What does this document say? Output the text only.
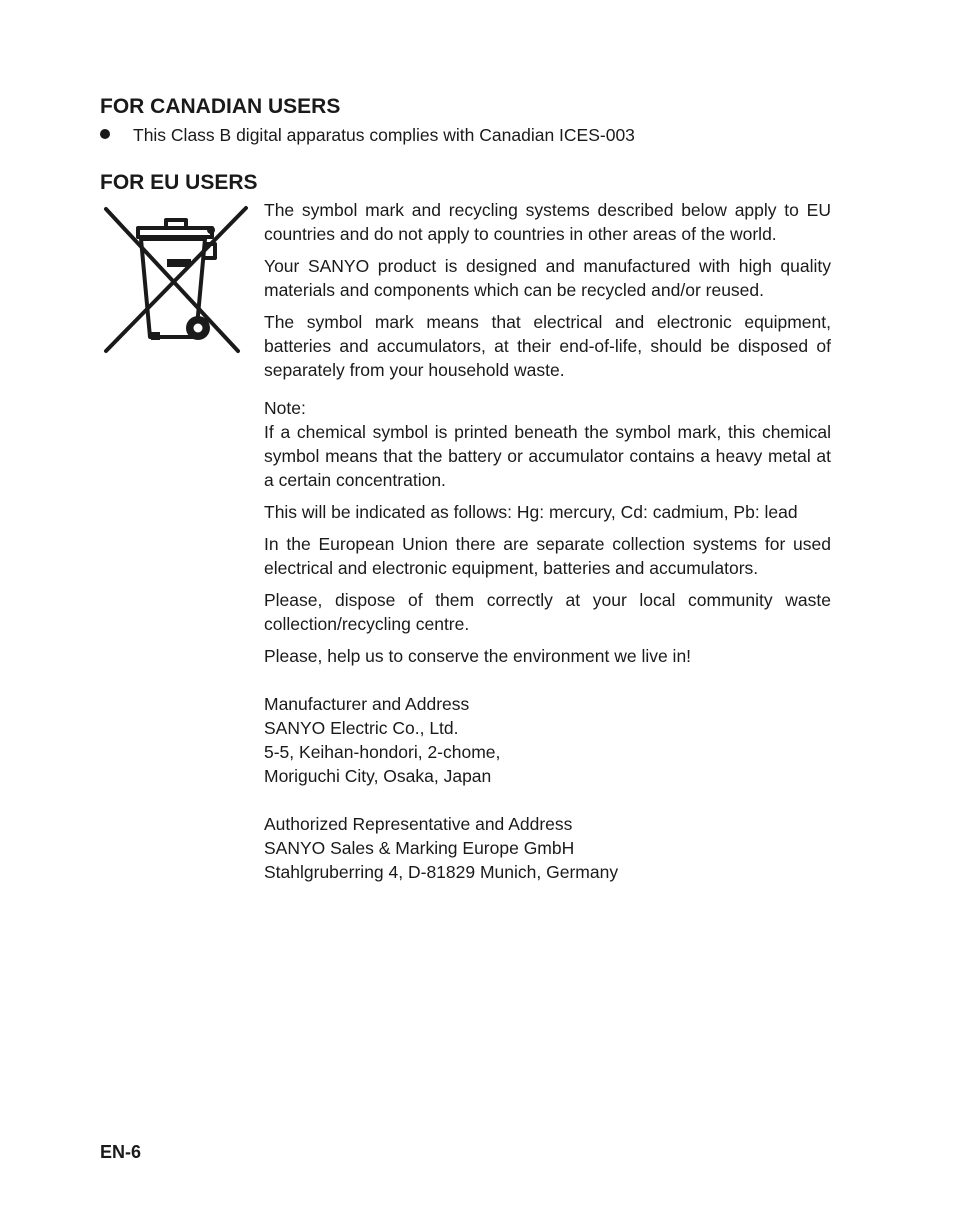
FOR CANADIAN USERS
This Class B digital apparatus complies with Canadian ICES-003
FOR EU USERS

The symbol mark and recycling systems described below apply to EU countries and do not apply to countries in other areas of the world.

Your SANYO product is designed and manufactured with high quality materials and components which can be recycled and/or reused.

The symbol mark means that electrical and electronic equipment, batteries and accumulators, at their end-of-life, should be disposed of separately from your household waste.

Note:

If a chemical symbol is printed beneath the symbol mark, this chemical symbol means that the battery or accumulator contains a heavy metal at a certain concentration.

This will be indicated as follows: Hg: mercury, Cd: cadmium, Pb: lead

In the European Union there are separate collection systems for used electrical and electronic equipment, batteries and accumulators.

Please, dispose of them correctly at your local community waste collection/recycling centre.

Please, help us to conserve the environment we live in!

Manufacturer and Address
SANYO Electric Co., Ltd.
5-5, Keihan-hondori, 2-chome,
Moriguchi City, Osaka, Japan
Authorized Representative and Address
SANYO Sales & Marking Europe GmbH
Stahlgruberring 4, D-81829 Munich, Germany
EN-6
